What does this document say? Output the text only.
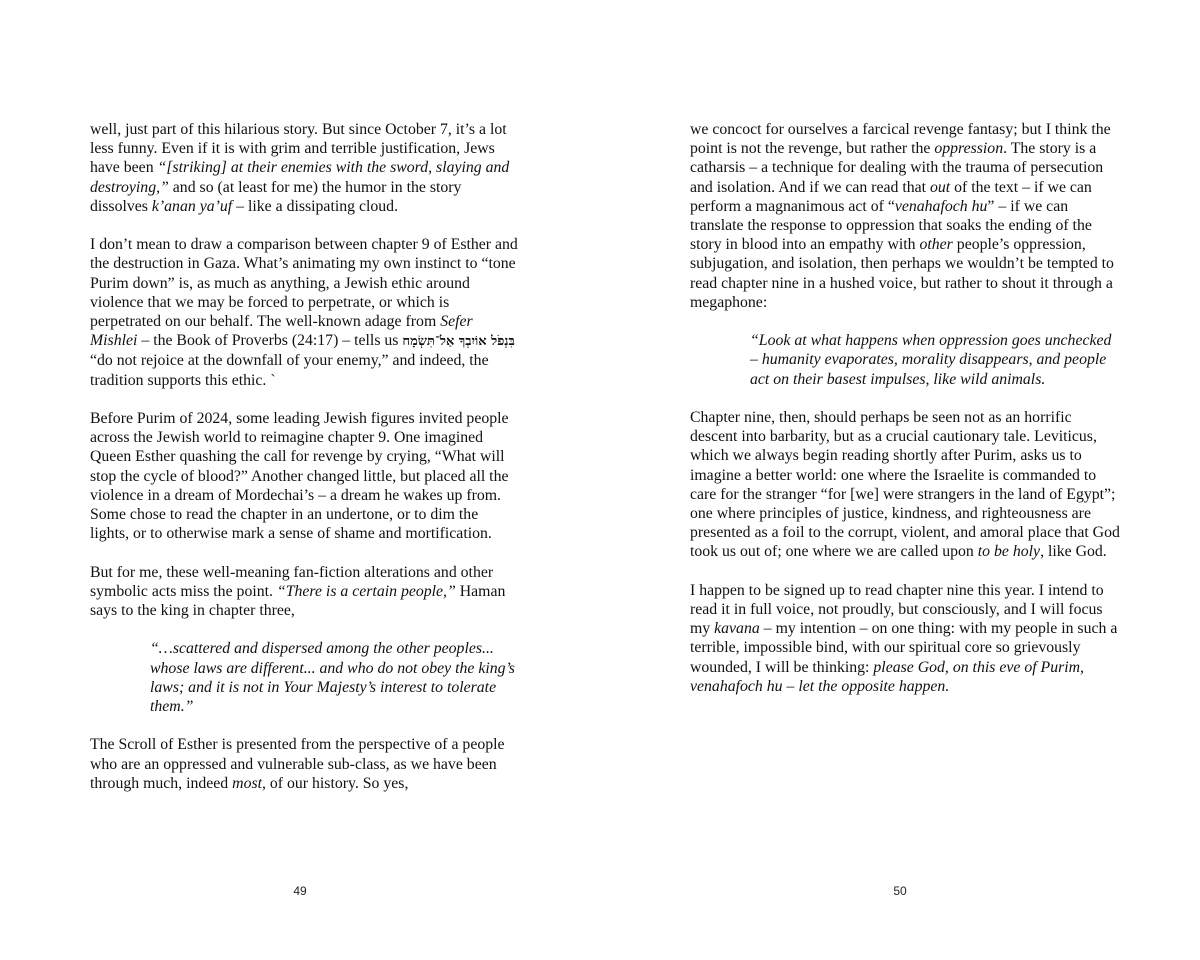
well, just part of this hilarious story. But since October 7, it’s a lot less funny. Even if it is with grim and terrible justification, Jews have been “[striking] at their enemies with the sword, slaying and destroying,” and so (at least for me) the humor in the story dissolves k’anan ya’uf – like a dissipating cloud.

I don’t mean to draw a comparison between chapter 9 of Esther and the destruction in Gaza. What’s animating my own instinct to “tone Purim down” is, as much as anything, a Jewish ethic around violence that we may be forced to perpetrate, or which is perpetrated on our behalf. The well-known adage from Sefer Mishlei – the Book of Proverbs (24:17) – tells us בִּנְפֹל אוֹיִבְךָ אַל־תִּשְׂמָח “do not rejoice at the downfall of your enemy,” and indeed, the tradition supports this ethic. `

Before Purim of 2024, some leading Jewish figures invited people across the Jewish world to reimagine chapter 9. One imagined Queen Esther quashing the call for revenge by crying, “What will stop the cycle of blood?” Another changed little, but placed all the violence in a dream of Mordechai’s – a dream he wakes up from. Some chose to read the chapter in an undertone, or to dim the lights, or to otherwise mark a sense of shame and mortification.

But for me, these well-meaning fan-fiction alterations and other symbolic acts miss the point. “There is a certain people,” Haman says to the king in chapter three,

“…scattered and dispersed among the other peoples... whose laws are different... and who do not obey the king’s laws; and it is not in Your Majesty’s interest to tolerate them.”

The Scroll of Esther is presented from the perspective of a people who are an oppressed and vulnerable sub-class, as we have been through much, indeed most, of our history. So yes,

49

we concoct for ourselves a farcical revenge fantasy; but I think the point is not the revenge, but rather the oppression. The story is a catharsis – a technique for dealing with the trauma of persecution and isolation. And if we can read that out of the text – if we can perform a magnanimous act of “venahafoch hu” – if we can translate the response to oppression that soaks the ending of the story in blood into an empathy with other people’s oppression, subjugation, and isolation, then perhaps we wouldn’t be tempted to read chapter nine in a hushed voice, but rather to shout it through a megaphone:

“Look at what happens when oppression goes unchecked – humanity evaporates, morality disappears, and people act on their basest impulses, like wild animals.

Chapter nine, then, should perhaps be seen not as an horrific descent into barbarity, but as a crucial cautionary tale. Leviticus, which we always begin reading shortly after Purim, asks us to imagine a better world: one where the Israelite is commanded to care for the stranger “for [we] were strangers in the land of Egypt”; one where principles of justice, kindness, and righteousness are presented as a foil to the corrupt, violent, and amoral place that God took us out of; one where we are called upon to be holy, like God.

I happen to be signed up to read chapter nine this year. I intend to read it in full voice, not proudly, but consciously, and I will focus my kavana – my intention – on one thing: with my people in such a terrible, impossible bind, with our spiritual core so grievously wounded, I will be thinking: please God, on this eve of Purim, venahafoch hu – let the opposite happen.

50
